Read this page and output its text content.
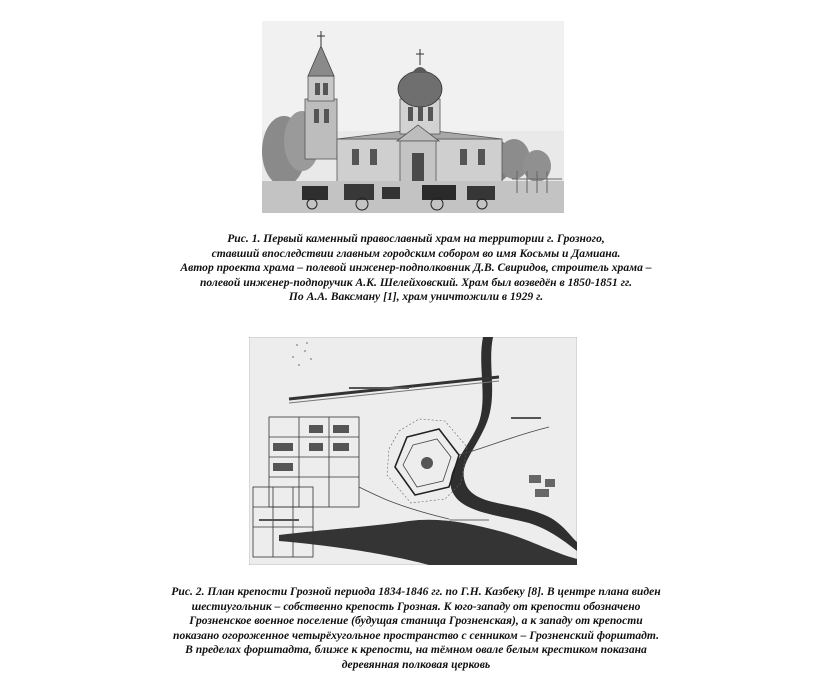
Рис. 1. Первый каменный православный храм на территории г. Грозного,
ставший впоследствии главным городским собором во имя Косьмы и Дамиана.
Автор проекта храма – полевой инженер-подполковник Д.В. Свиридов, строитель храма –
полевой инженер-подпоручик А.К. Шелейховский. Храм был возведён в 1850-1851 гг.
По А.А. Ваксману [1], храм уничтожили в 1929 г.
Рис. 2. План крепости Грозной периода 1834-1846 гг. по Г.Н. Казбеку [8]. В центре плана виден
шестиугольник – собственно крепость Грозная. К юго-западу от крепости обозначено
Грозненское военное поселение (будущая станица Грозненская), а к западу от крепости
показано огороженное четырёхугольное пространство с сенником – Грозненский форштадт.
В пределах форштадта, ближе к крепости, на тёмном овале белым крестиком показана
деревянная полковая церковь
